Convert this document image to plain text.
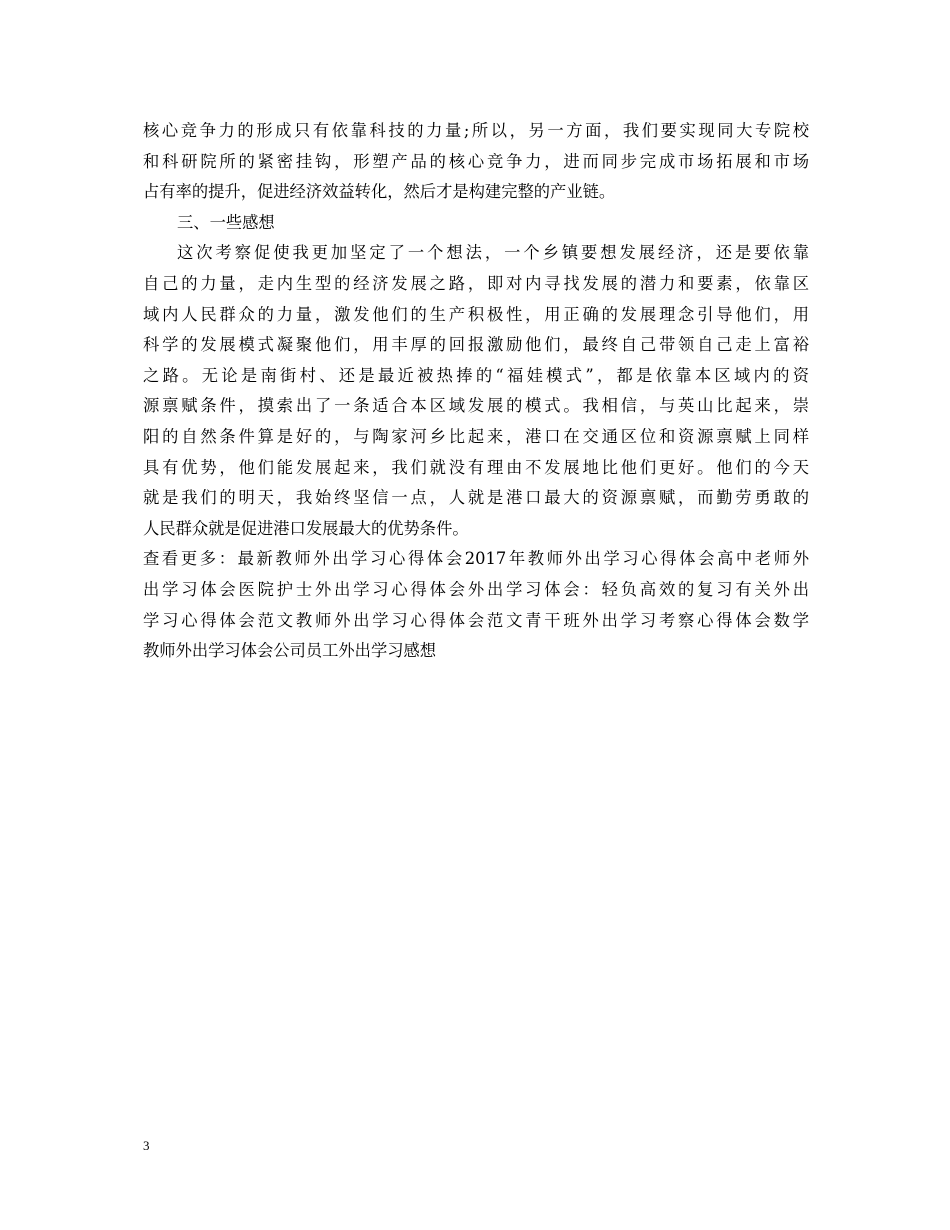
核心竞争力的形成只有依靠科技的力量;所以，另一方面，我们要实现同大专院校
和科研院所的紧密挂钩，形塑产品的核心竞争力，进而同步完成市场拓展和市场
占有率的提升，促进经济效益转化，然后才是构建完整的产业链。
三、一些感想
这次考察促使我更加坚定了一个想法，一个乡镇要想发展经济，还是要依靠
自己的力量，走内生型的经济发展之路，即对内寻找发展的潜力和要素，依靠区
域内人民群众的力量，激发他们的生产积极性，用正确的发展理念引导他们，用
科学的发展模式凝聚他们，用丰厚的回报激励他们，最终自己带领自己走上富裕
之路。无论是南街村、还是最近被热捧的“福娃模式”，都是依靠本区域内的资
源禀赋条件，摸索出了一条适合本区域发展的模式。我相信，与英山比起来，崇
阳的自然条件算是好的，与陶家河乡比起来，港口在交通区位和资源禀赋上同样
具有优势，他们能发展起来，我们就没有理由不发展地比他们更好。他们的今天
就是我们的明天，我始终坚信一点，人就是港口最大的资源禀赋，而勤劳勇敢的
人民群众就是促进港口发展最大的优势条件。
查看更多：最新教师外出学习心得体会2017年教师外出学习心得体会高中老师外
出学习体会医院护士外出学习心得体会外出学习体会：轻负高效的复习有关外出
学习心得体会范文教师外出学习心得体会范文青干班外出学习考察心得体会数学
教师外出学习体会公司员工外出学习感想
3
